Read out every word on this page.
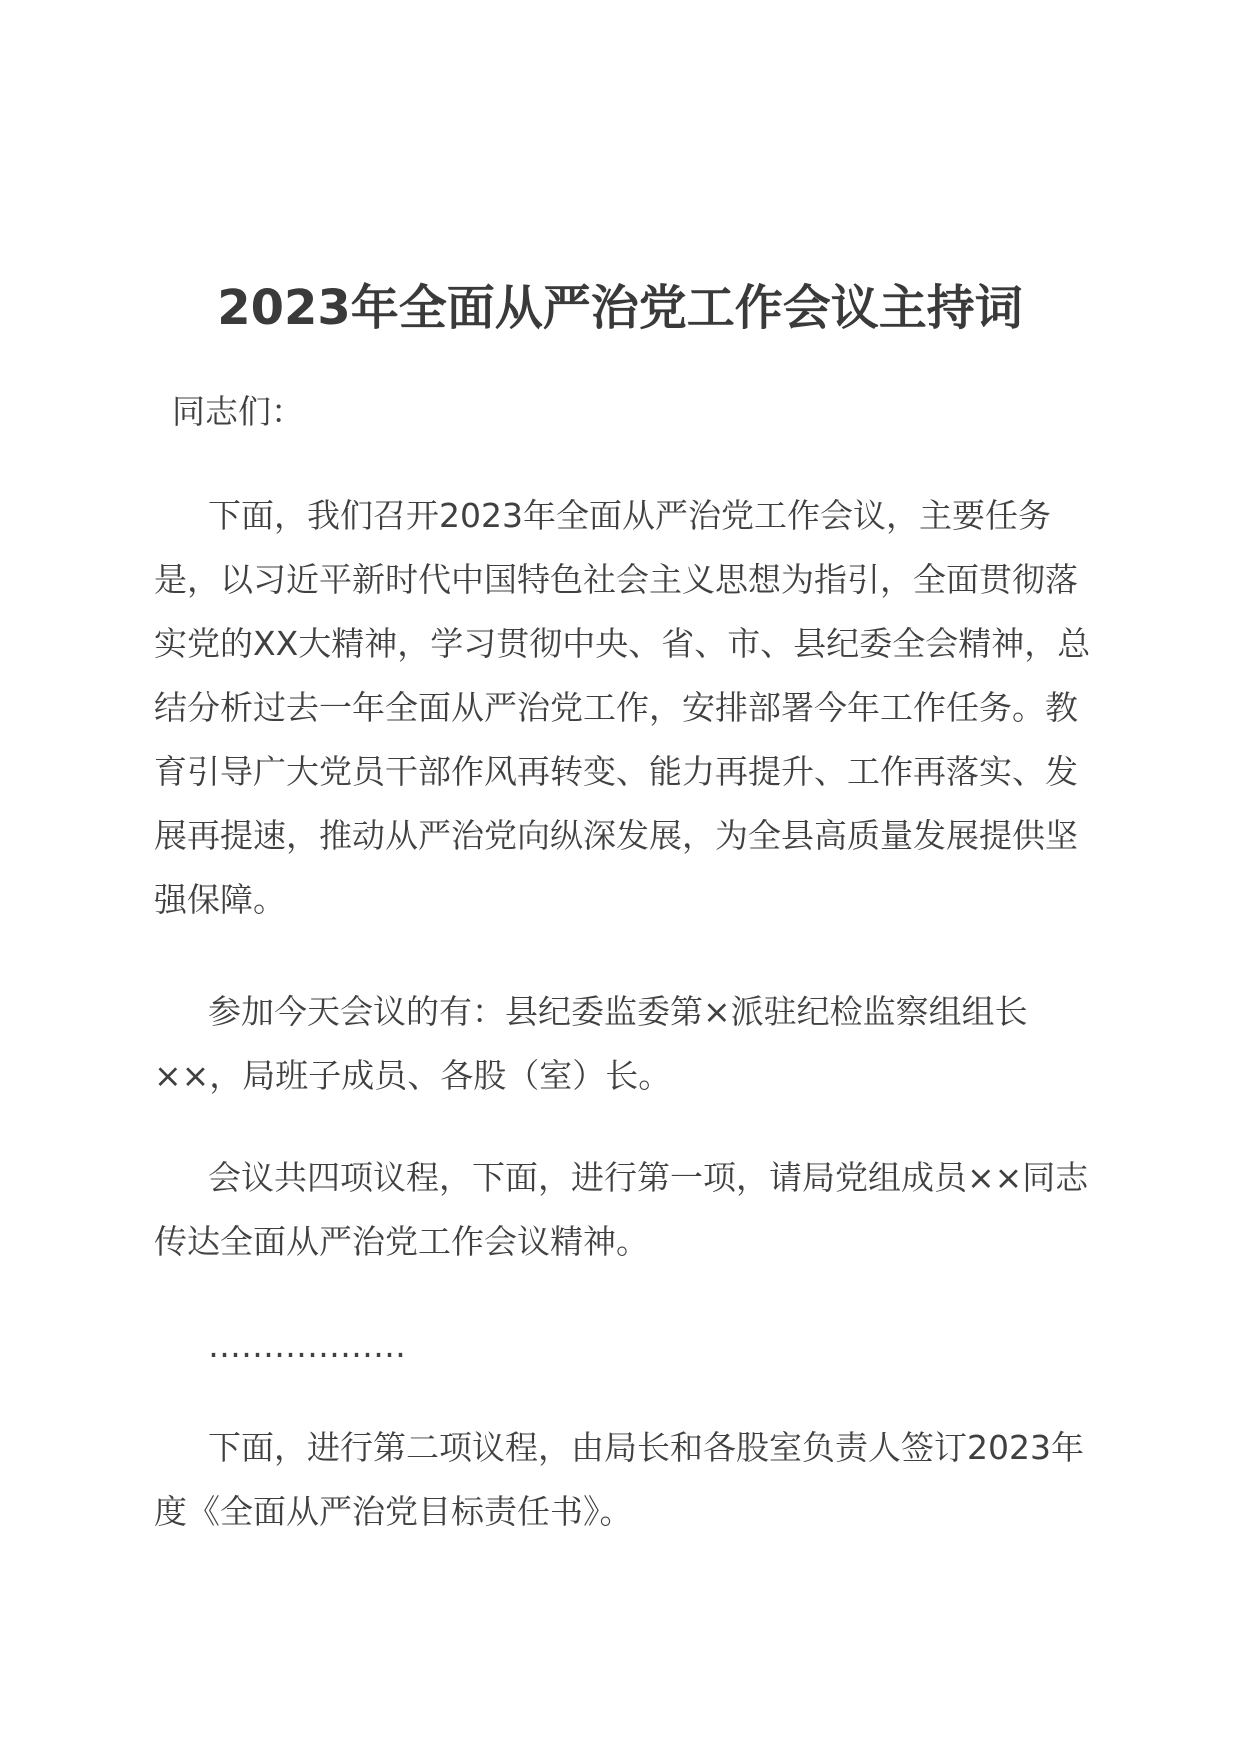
2023年全面从严治党工作会议主持词

同志们：

下面，我们召开2023年全面从严治党工作会议，主要任务是，以习近平新时代中国特色社会主义思想为指引，全面贯彻落实党的XX大精神，学习贯彻中央、省、市、县纪委全会精神，总结分析过去一年全面从严治党工作，安排部署今年工作任务。教育引导广大党员干部作风再转变、能力再提升、工作再落实、发展再提速，推动从严治党向纵深发展，为全县高质量发展提供坚强保障。

参加今天会议的有：县纪委监委第×派驻纪检监察组组长××，局班子成员、各股（室）长。

会议共四项议程，下面，进行第一项，请局党组成员××同志传达全面从严治党工作会议精神。

………………

下面，进行第二项议程，由局长和各股室负责人签订2023年度《全面从严治党目标责任书》。
